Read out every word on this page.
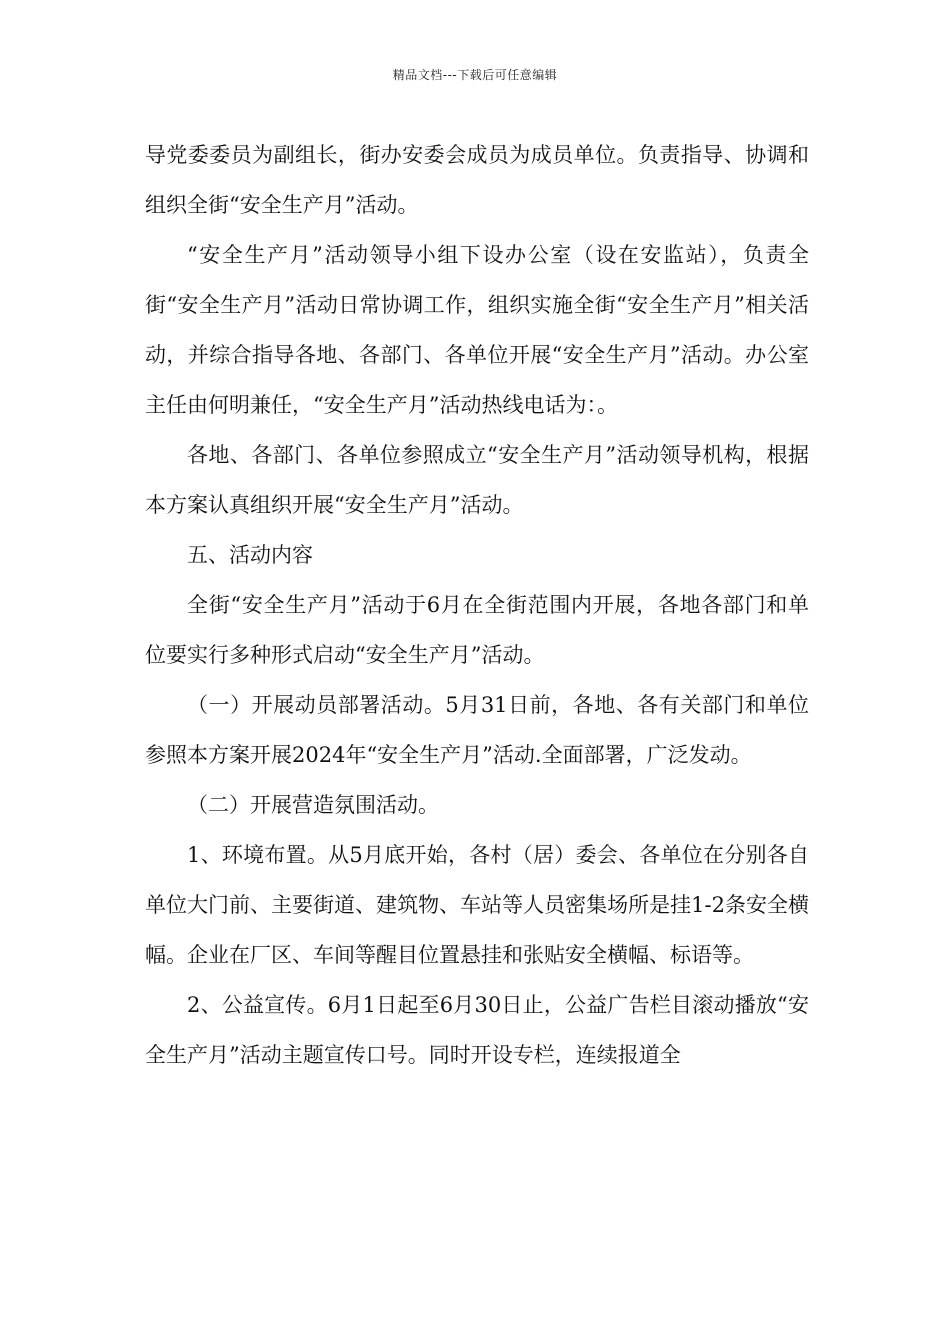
精品文档---下载后可任意编辑

导党委委员为副组长，街办安委会成员为成员单位。负责指导、协调和组织全街“安全生产月”活动。

“安全生产月”活动领导小组下设办公室（设在安监站），负责全街“安全生产月”活动日常协调工作，组织实施全街“安全生产月”相关活动，并综合指导各地、各部门、各单位开展“安全生产月”活动。办公室主任由何明兼任，“安全生产月”活动热线电话为：。

各地、各部门、各单位参照成立“安全生产月”活动领导机构，根据本方案认真组织开展“安全生产月”活动。

五、活动内容

全街“安全生产月”活动于6月在全街范围内开展，各地各部门和单位要实行多种形式启动“安全生产月”活动。

（一）开展动员部署活动。5月31日前，各地、各有关部门和单位参照本方案开展2024年“安全生产月”活动.全面部署，广泛发动。

（二）开展营造氛围活动。

1、环境布置。从5月底开始，各村（居）委会、各单位在分别各自单位大门前、主要街道、建筑物、车站等人员密集场所是挂1-2条安全横幅。企业在厂区、车间等醒目位置悬挂和张贴安全横幅、标语等。

2、公益宣传。6月1日起至6月30日止，公益广告栏目滚动播放“安全生产月”活动主题宣传口号。同时开设专栏，连续报道全
